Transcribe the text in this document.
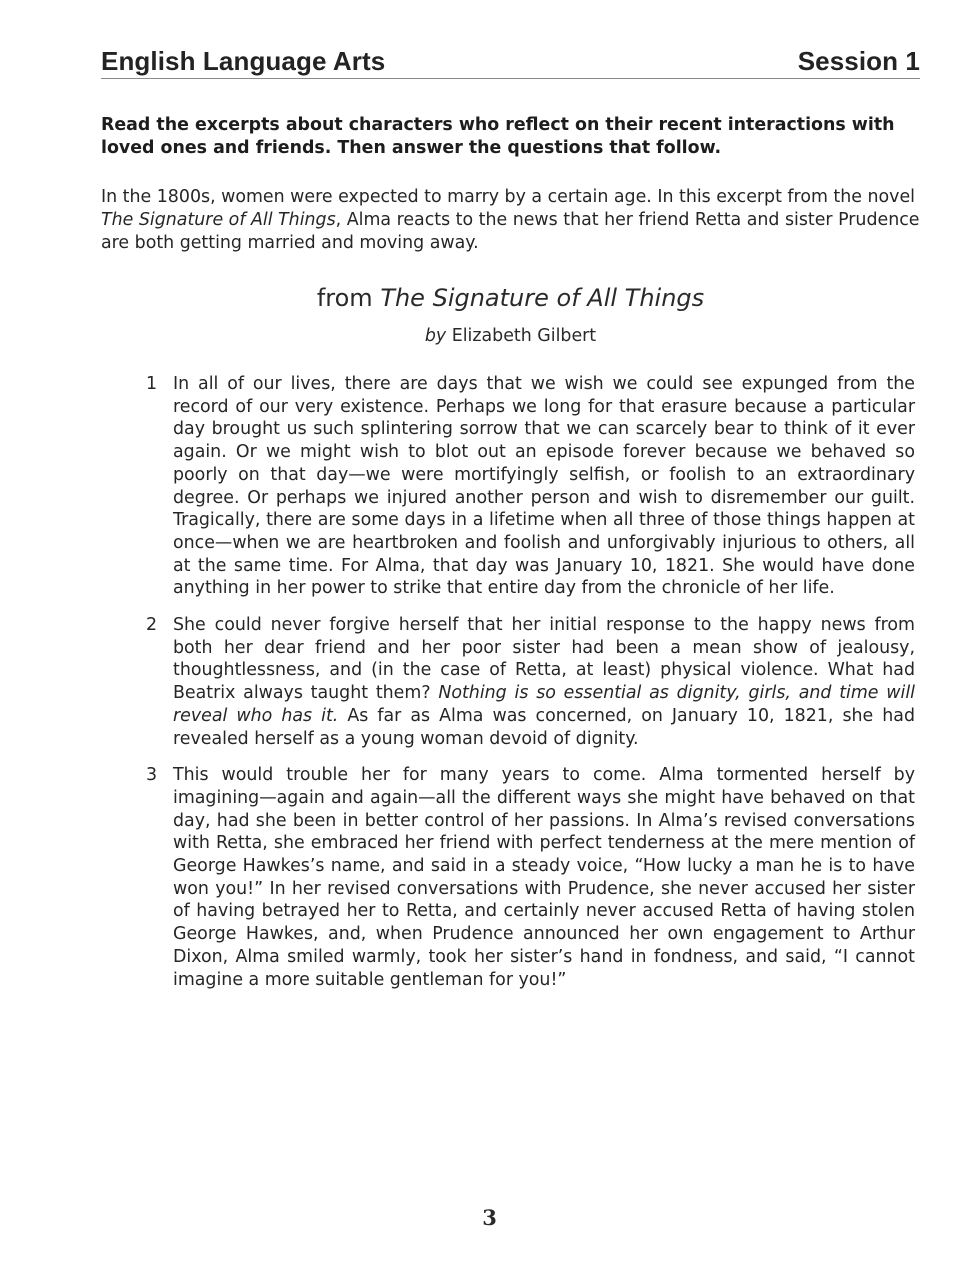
English Language Arts	Session 1
Read the excerpts about characters who reflect on their recent interactions with loved ones and friends. Then answer the questions that follow.
In the 1800s, women were expected to marry by a certain age. In this excerpt from the novel The Signature of All Things, Alma reacts to the news that her friend Retta and sister Prudence are both getting married and moving away.
from The Signature of All Things
by Elizabeth Gilbert
1 In all of our lives, there are days that we wish we could see expunged from the record of our very existence. Perhaps we long for that erasure because a particular day brought us such splintering sorrow that we can scarcely bear to think of it ever again. Or we might wish to blot out an episode forever because we behaved so poorly on that day—we were mortifyingly selfish, or foolish to an extraordinary degree. Or perhaps we injured another person and wish to disremember our guilt. Tragically, there are some days in a lifetime when all three of those things happen at once—when we are heartbroken and foolish and unforgivably injurious to others, all at the same time. For Alma, that day was January 10, 1821. She would have done anything in her power to strike that entire day from the chronicle of her life.
2 She could never forgive herself that her initial response to the happy news from both her dear friend and her poor sister had been a mean show of jealousy, thoughtlessness, and (in the case of Retta, at least) physical violence. What had Beatrix always taught them? Nothing is so essential as dignity, girls, and time will reveal who has it. As far as Alma was concerned, on January 10, 1821, she had revealed herself as a young woman devoid of dignity.
3 This would trouble her for many years to come. Alma tormented herself by imagining—again and again—all the different ways she might have behaved on that day, had she been in better control of her passions. In Alma’s revised conversations with Retta, she embraced her friend with perfect tenderness at the mere mention of George Hawkes’s name, and said in a steady voice, “How lucky a man he is to have won you!” In her revised conversations with Prudence, she never accused her sister of having betrayed her to Retta, and certainly never accused Retta of having stolen George Hawkes, and, when Prudence announced her own engagement to Arthur Dixon, Alma smiled warmly, took her sister’s hand in fondness, and said, “I cannot imagine a more suitable gentleman for you!”
3
